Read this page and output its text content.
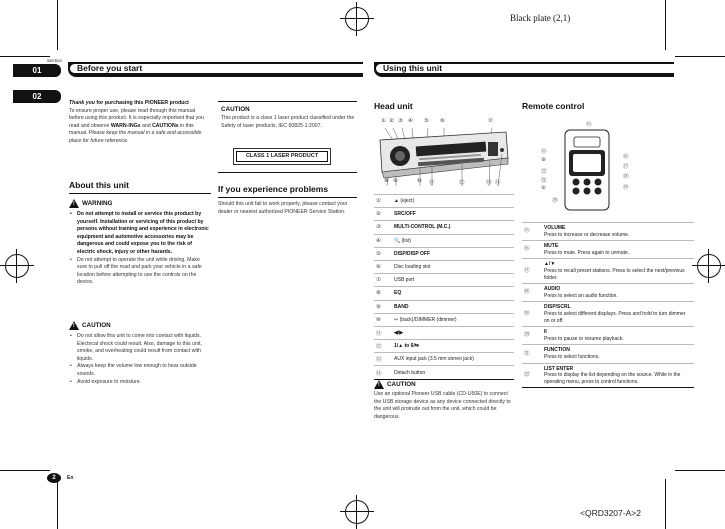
Black plate (2,1)
Section
01
02
Before you start	Using this unit
Thank you for purchasing this PIONEER product
To ensure proper use, please read through this manual before using this product. It is especially important that you read and observe WARN-INGs and CAUTIONs in this manual. Please keep the manual in a safe and accessible place for future reference.
About this unit
!WARNING
• Do not attempt to install or service this product by yourself. Installation or servicing of this product by persons without training and experience in electronic equipment and automotive accessories may be dangerous and could expose you to the risk of electric shock, injury or other hazards.
• Do not attempt to operate the unit while driving. Make sure to pull off the road and park your vehicle in a safe location before attempting to use the controls on the device.
!CAUTION
• Do not allow this unit to come into contact with liquids. Electrical shock could result. Also, damage to this unit, smoke, and overheating could result from contact with liquids.
• Always keep the volume low enough to hear outside sounds.
• Avoid exposure to moisture.
CAUTION
This product is a class 1 laser product classified under the Safety of laser products, IEC 60825-1:2007.
CLASS 1 LASER PRODUCT
If you experience problems
Should this unit fail to work properly, please contact your dealer or nearest authorized PIONEER Service Station.
Head unit
① ② ③ ④ ⑤ ⑥	⑦
⑧ ⑨	⑩ ⑪	⑫	⑬ ⑭
①	▲ (eject)
②	SRC/OFF
③	MULTI-CONTROL (M.C.)
④	🔍 (list)
⑤	DISP/DISP OFF
⑥	Disc loading slot
⑦	USB port
⑧	EQ
⑨	BAND
⑩	↩ (back)/DIMMER (dimmer)
⑪	◀/▶
⑫	1/▲ to 6/⇆
⑬	AUX input jack (3.5 mm stereo jack)
⑭	Detach button
!CAUTION
Use an optional Pioneer USB cable (CD-U50E) to connect the USB storage device as any device connected directly to the unit will protrude out from the unit, which could be dangerous.
Remote control
⑮
⑮
⑨
㉒
㉑
②
⑳
⑯
⑰
⑱
⑲
⑮	VOLUME
Press to increase or decrease volume.

⑯	MUTE
Press to mute. Press again to unmute.

⑰	▲/▼
Press to recall preset stations. Press to select the next/previous folder.

⑱	AUDIO
Press to select an audio function.

⑲	DISP/SCRL
Press to select different displays. Press and hold to turn dimmer on or off.

⑳	II
Press to pause or resume playback.

㉑	FUNCTION
Press to select functions.

㉒	LIST ENTER
Press to display the list depending on the source. While in the operating menu, press to control functions.
2	En
<QRD3207-A>2
